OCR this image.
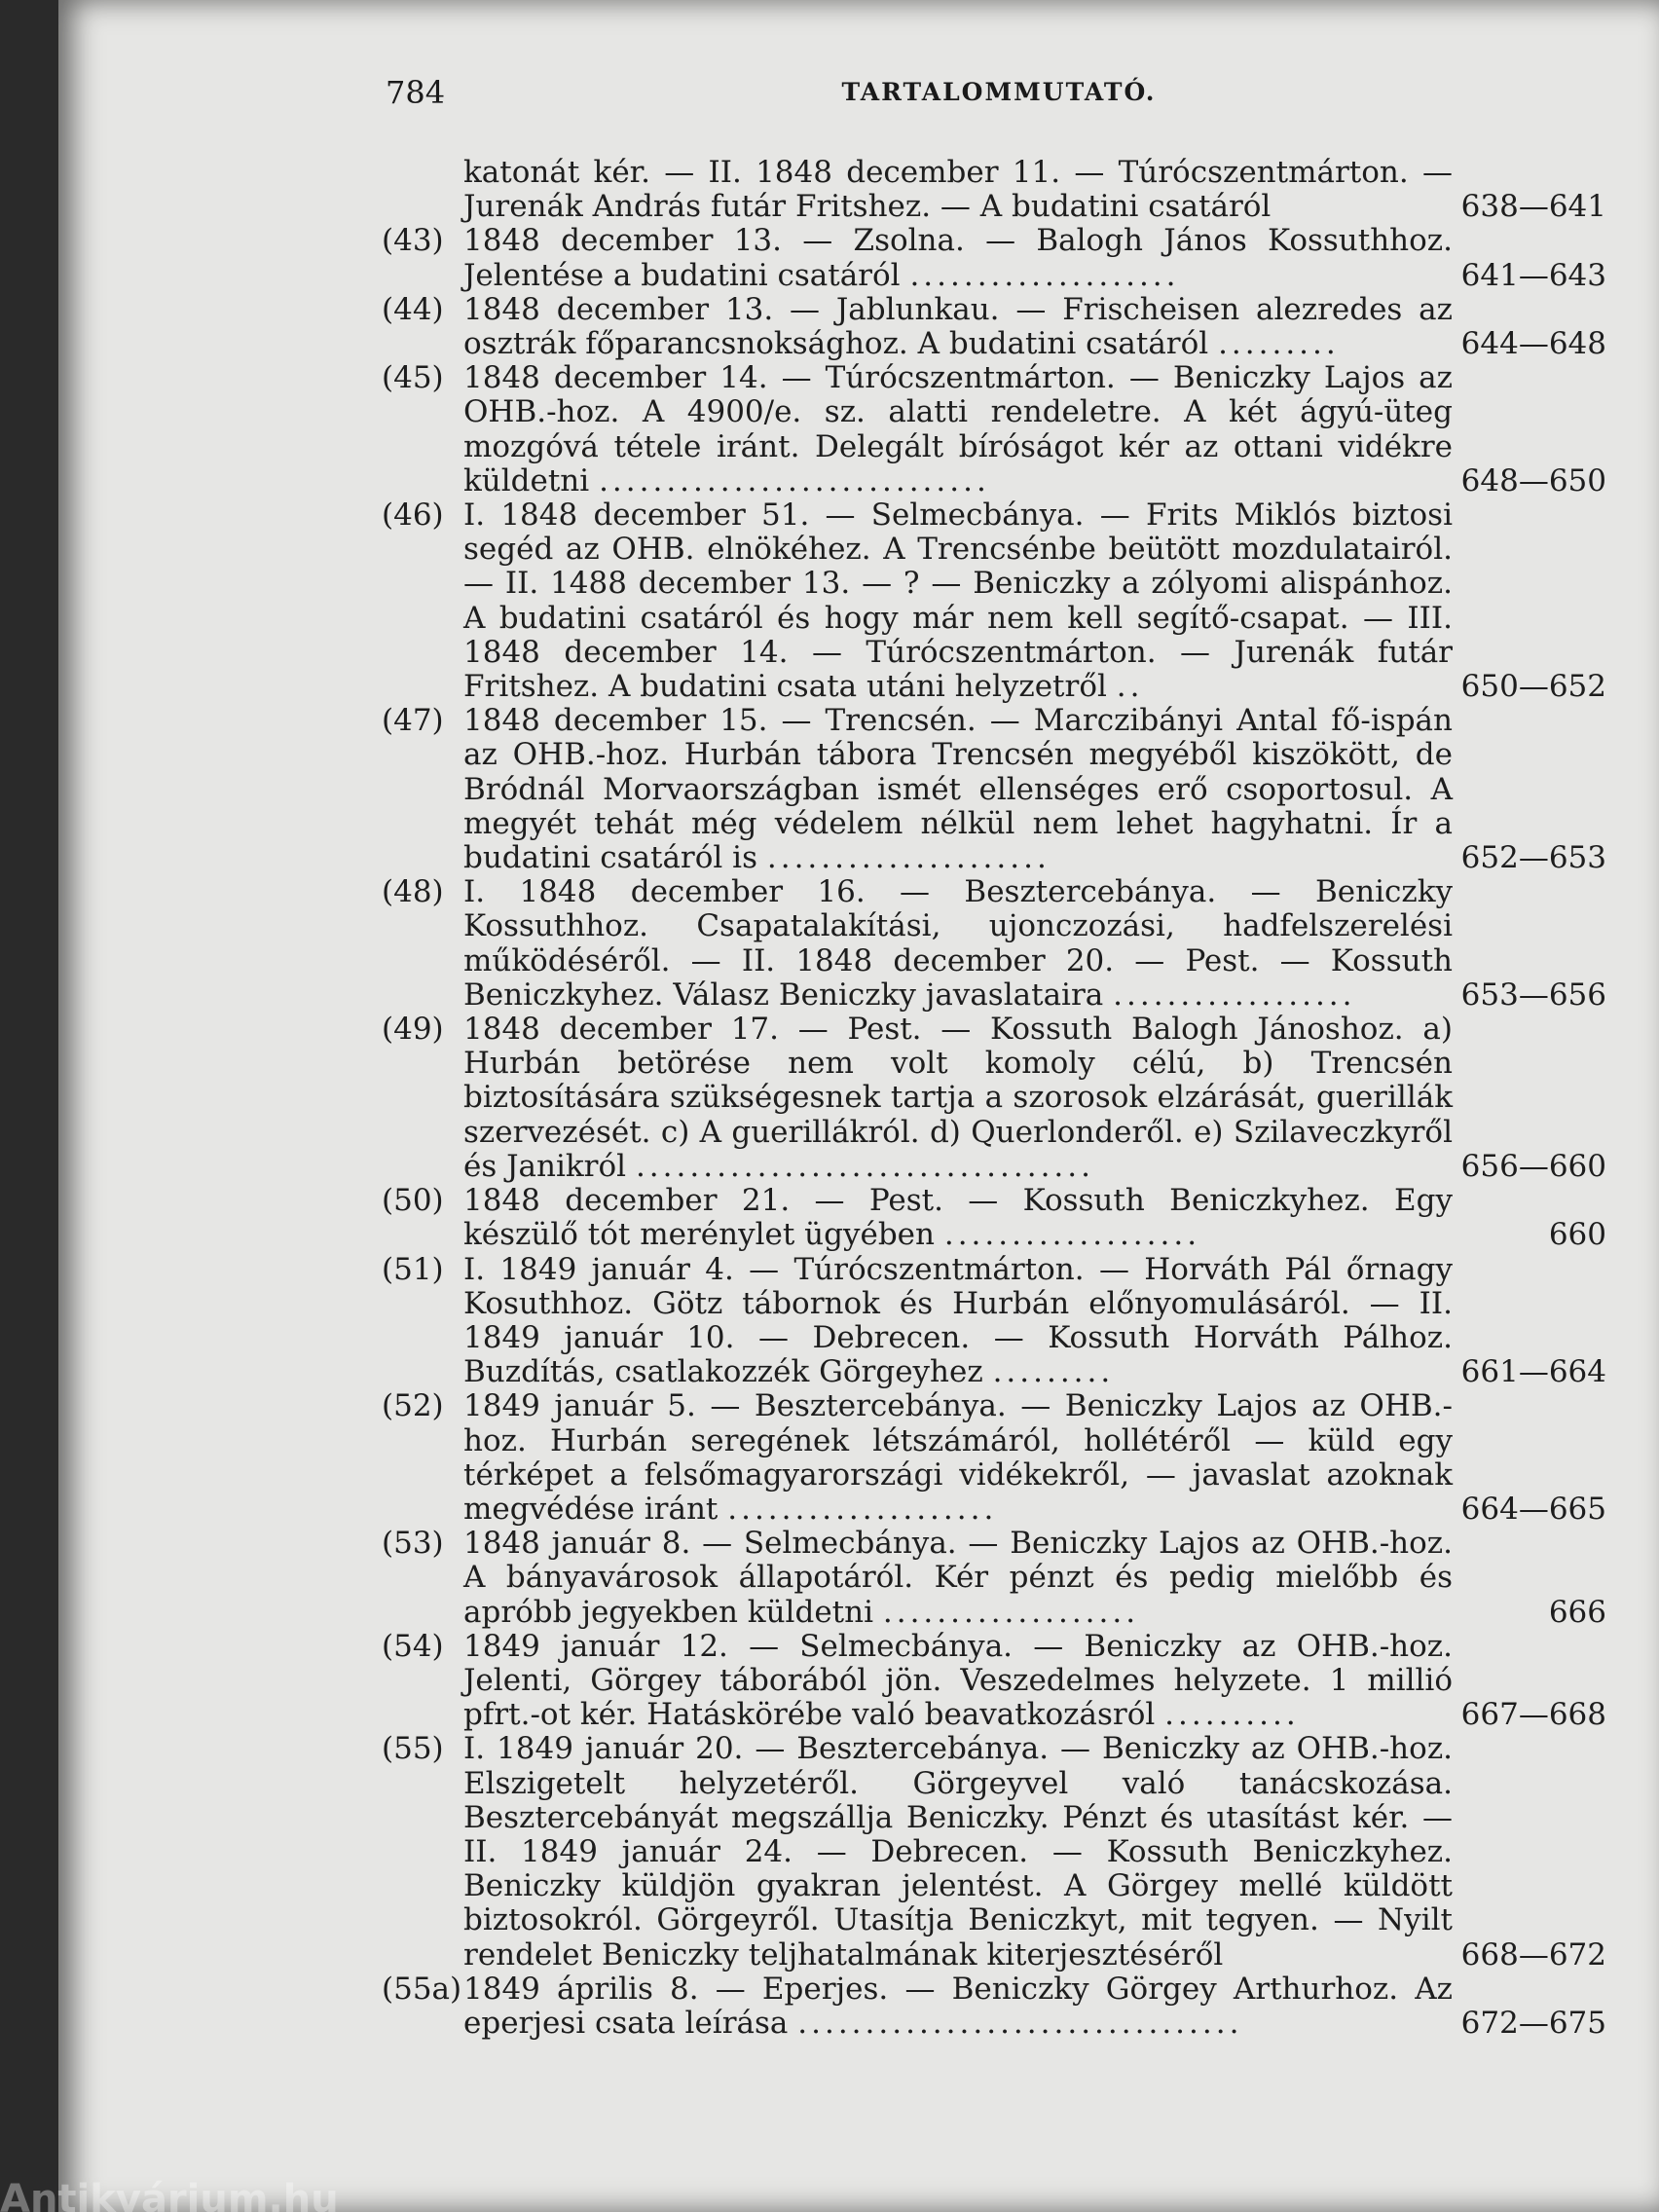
784	TARTALOMMUTATÓ.
katonát kér. — II. 1848 december 11. — Túrócszentmárton. — Jurenák András futár Fritshez. — A budatini csatáról	638—641
(43) 1848 december 13. — Zsolna. — Balogh János Kossuthhoz. Jelentése a budatini csatáról ....................	641—643
(44) 1848 december 13. — Jablunkau. — Frischeisen alezredes az osztrák főparancsnoksághoz. A budatini csatáról .........	644—648
(45) 1848 december 14. — Túrócszentmárton. — Beniczky Lajos az OHB.-hoz. A 4900/e. sz. alatti rendeletre. A két ágyú-üteg mozgóvá tétele iránt. Delegált bíróságot kér az ottani vidékre küldetni .............................	648—650
(46) I. 1848 december 51. — Selmecbánya. — Frits Miklós biztosi segéd az OHB. elnökéhez. A Trencsénbe beütött mozdulatairól. — II. 1488 december 13. — ? — Beniczky a zólyomi alispánhoz. A budatini csatáról és hogy már nem kell segítő-csapat. — III. 1848 december 14. — Túrócszentmárton. — Jurenák futár Fritshez. A budatini csata utáni helyzetről ..	650—652
(47) 1848 december 15. — Trencsén. — Marczibányi Antal fő-ispán az OHB.-hoz. Hurbán tábora Trencsén megyéből kiszökött, de Bródnál Morvaországban ismét ellenséges erő csoportosul. A megyét tehát még védelem nélkül nem lehet hagyhatni. Ír a budatini csatáról is .....................	652—653
(48) I. 1848 december 16. — Besztercebánya. — Beniczky Kossuthhoz. Csapatalakítási, ujonczozási, hadfelszerelési működéséről. — II. 1848 december 20. — Pest. — Kossuth Beniczkyhez. Válasz Beniczky javaslataira ..................	653—656
(49) 1848 december 17. — Pest. — Kossuth Balogh Jánoshoz. a) Hurbán betörése nem volt komoly célú, b) Trencsén biztosítására szükségesnek tartja a szorosok elzárását, guerillák szervezését. c) A guerillákról. d) Querlonderől. e) Szilaveczkyről és Janikról ..................................	656—660
(50) 1848 december 21. — Pest. — Kossuth Beniczkyhez. Egy készülő tót merénylet ügyében ...................	660
(51) I. 1849 január 4. — Túrócszentmárton. — Horváth Pál őrnagy Kosuthhoz. Götz tábornok és Hurbán előnyomulásáról. — II. 1849 január 10. — Debrecen. — Kossuth Horváth Pálhoz. Buzdítás, csatlakozzék Görgeyhez .........	661—664
(52) 1849 január 5. — Besztercebánya. — Beniczky Lajos az OHB.-hoz. Hurbán seregének létszámáról, hollétéről — küld egy térképet a felsőmagyarországi vidékekről, — javaslat azoknak megvédése iránt ....................	664—665
(53) 1848 január 8. — Selmecbánya. — Beniczky Lajos az OHB.-hoz. A bányavárosok állapotáról. Kér pénzt és pedig mielőbb és apróbb jegyekben küldetni ...................	666
(54) 1849 január 12. — Selmecbánya. — Beniczky az OHB.-hoz. Jelenti, Görgey táborából jön. Veszedelmes helyzete. 1 millió pfrt.-ot kér. Hatáskörébe való beavatkozásról ..........	667—668
(55) I. 1849 január 20. — Besztercebánya. — Beniczky az OHB.-hoz. Elszigetelt helyzetéről. Görgeyvel való tanácskozása. Besztercebányát megszállja Beniczky. Pénzt és utasítást kér. — II. 1849 január 24. — Debrecen. — Kossuth Beniczkyhez. Beniczky küldjön gyakran jelentést. A Görgey mellé küldött biztosokról. Görgeyről. Utasítja Beniczkyt, mit tegyen. — Nyilt rendelet Beniczky teljhatalmának kiterjesztéséről	668—672
(55a) 1849 április 8. — Eperjes. — Beniczky Görgey Arthurhoz. Az eperjesi csata leírása .................................	672—675
Antikvárium.hu
